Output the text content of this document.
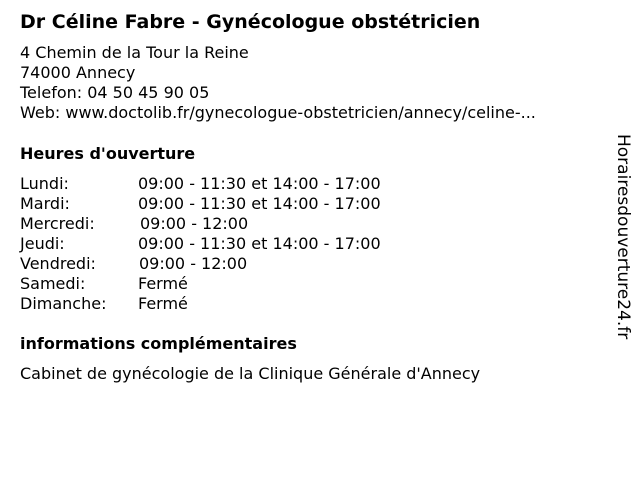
Dr Céline Fabre - Gynécologue obstétricien
4 Chemin de la Tour la Reine
74000 Annecy
Telefon: 04 50 45 90 05
Web: www.doctolib.fr/gynecologue-obstetricien/annecy/celine-...
Heures d'ouverture
Lundi:	09:00 - 11:30 et 14:00 - 17:00
Mardi:	09:00 - 11:30 et 14:00 - 17:00
Mercredi:	09:00 - 12:00
Jeudi:	09:00 - 11:30 et 14:00 - 17:00
Vendredi:	09:00 - 12:00
Samedi:	Fermé
Dimanche: Fermé
informations complémentaires
Cabinet de gynécologie de la Clinique Générale d'Annecy
Horairesdouverture24.fr
